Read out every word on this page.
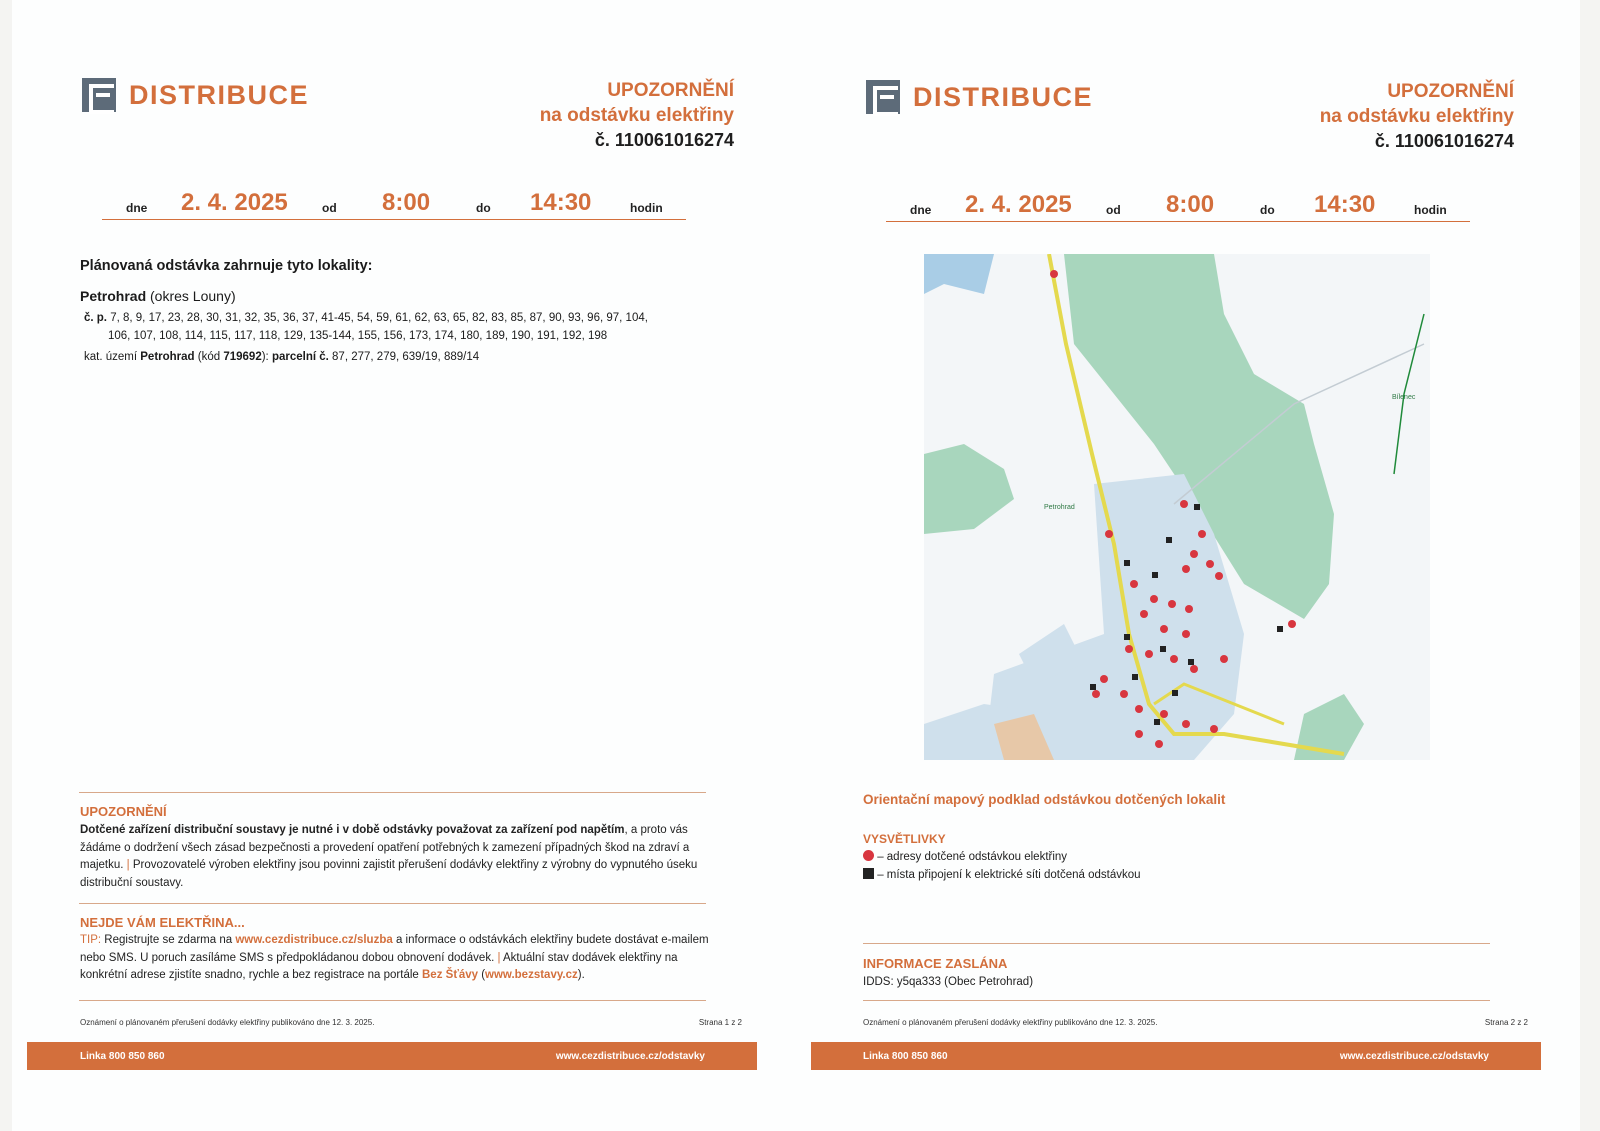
DISTRIBUCE	UPOZORNĚNÍ
na odstávku elektřiny
č. 110061016274
dne 2. 4. 2025	od 8:00	do 14:30	hodin
Plánovaná odstávka zahrnuje tyto lokality:
Petrohrad (okres Louny)
č. p. 7, 8, 9, 17, 23, 28, 30, 31, 32, 35, 36, 37, 41-45, 54, 59, 61, 62, 63, 65, 82, 83, 85, 87, 90, 93, 96, 97, 104,
106, 107, 108, 114, 115, 117, 118, 129, 135-144, 155, 156, 173, 174, 180, 189, 190, 191, 192, 198
kat. území Petrohrad (kód 719692): parcelní č. 87, 277, 279, 639/19, 889/14
UPOZORNĚNÍ
Dotčené zařízení distribuční soustavy je nutné i v době odstávky považovat za zařízení pod napětím, a proto vás žádáme o dodržení všech zásad bezpečnosti a provedení opatření potřebných k zamezení případných škod na zdraví a majetku. | Provozovatelé výroben elektřiny jsou povinni zajistit přerušení dodávky elektřiny z výrobny do vypnutého úseku distribuční soustavy.
NEJDE VÁM ELEKTŘINA...
TIP: Registrujte se zdarma na www.cezdistribuce.cz/sluzba a informace o odstávkách elektřiny budete dostávat e-mailem nebo SMS. U poruch zasíláme SMS s předpokládanou dobou obnovení dodávek. | Aktuální stav dodávek elektřiny na konkrétní adrese zjistíte snadno, rychle a bez registrace na portále Bez Šťávy (www.bezstavy.cz).
Oznámení o plánovaném přerušení dodávky elektřiny publikováno dne 12. 3. 2025.	Strana 1 z 2
Linka 800 850 860	www.cezdistribuce.cz/odstavky
DISTRIBUCE	UPOZORNĚNÍ
na odstávku elektřiny
č. 110061016274
dne 2. 4. 2025	od 8:00	do 14:30	hodin
Petrohrad
Bílenec
Orientační mapový podklad odstávkou dotčených lokalit
VYSVĚTLIVKY
– adresy dotčené odstávkou elektřiny
– místa připojení k elektrické síti dotčená odstávkou
INFORMACE ZASLÁNA
IDDS: y5qa333 (Obec Petrohrad)
Oznámení o plánovaném přerušení dodávky elektřiny publikováno dne 12. 3. 2025.	Strana 2 z 2
Linka 800 850 860	www.cezdistribuce.cz/odstavky
